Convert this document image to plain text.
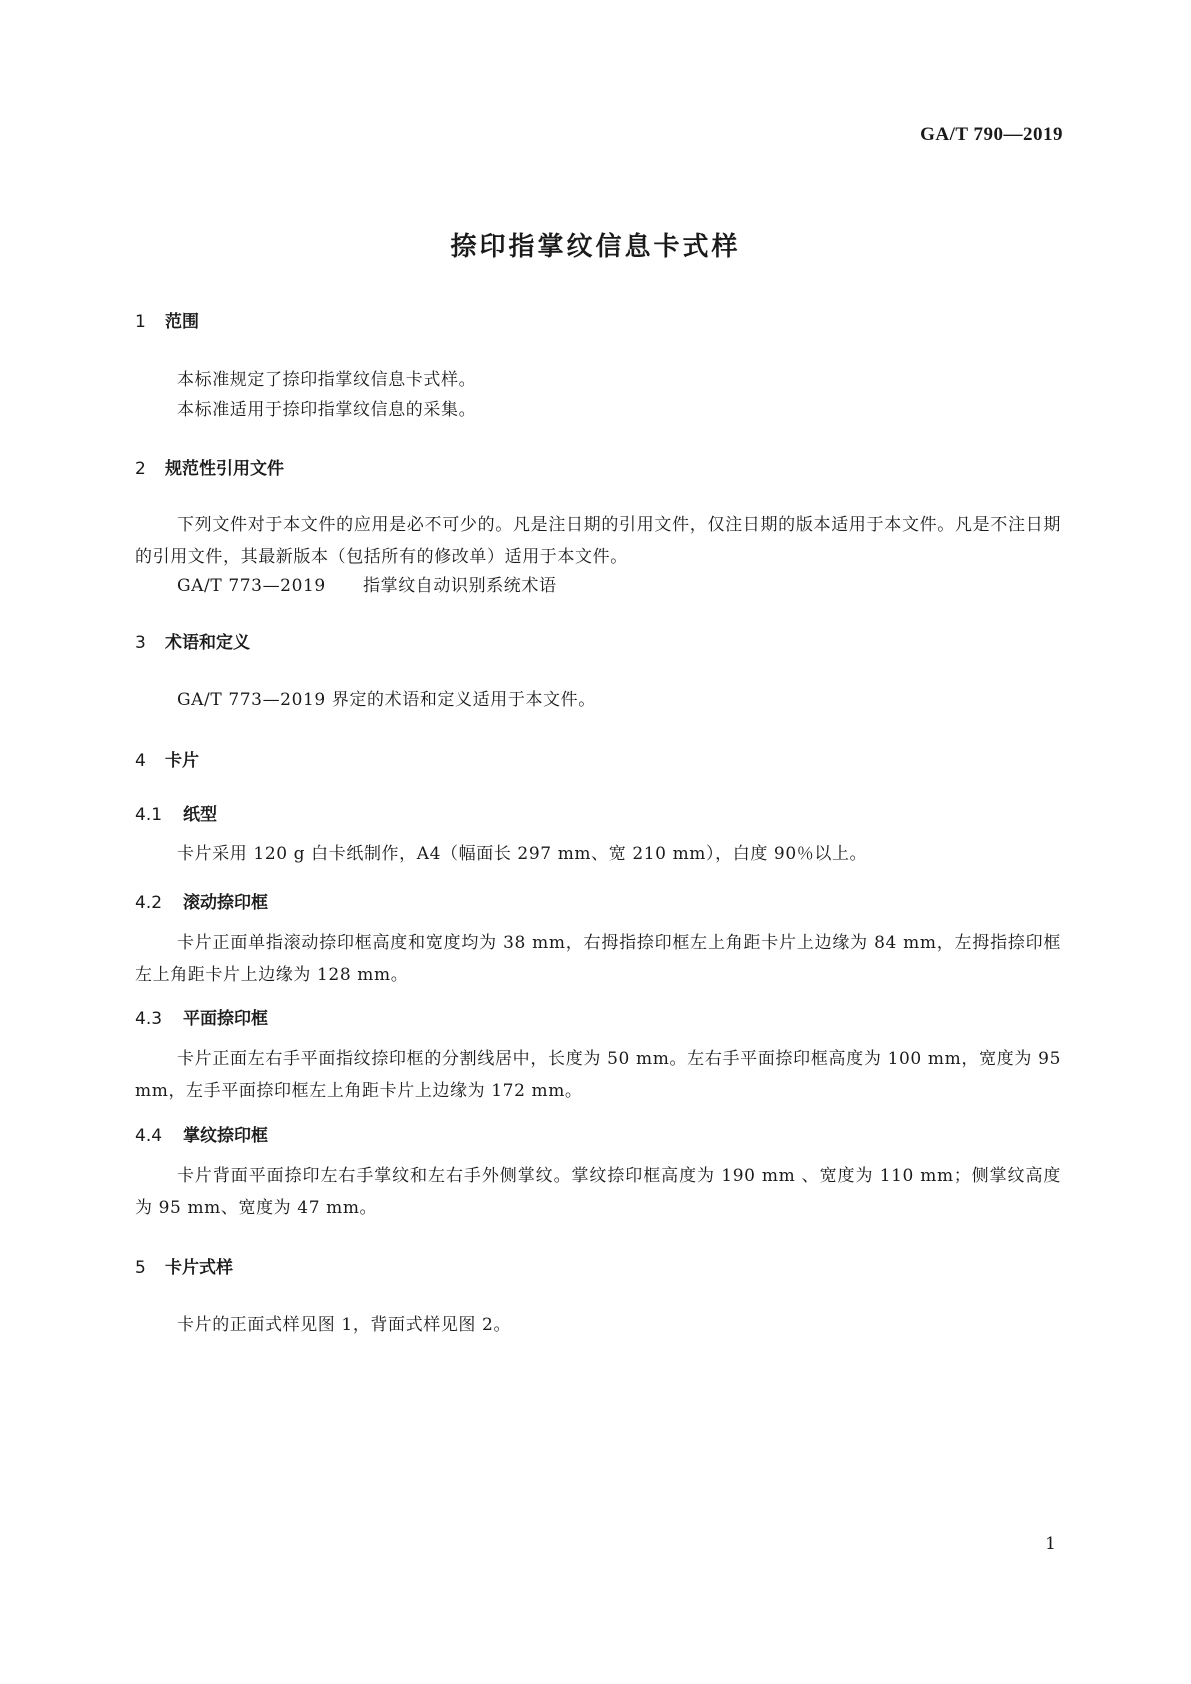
GA/T 790—2019
捺印指掌纹信息卡式样
1 范围
本标准规定了捺印指掌纹信息卡式样。
本标准适用于捺印指掌纹信息的采集。
2 规范性引用文件
下列文件对于本文件的应用是必不可少的。凡是注日期的引用文件，仅注日期的版本适用于本文件。凡是不注日期的引用文件，其最新版本（包括所有的修改单）适用于本文件。
GA/T 773—2019 指掌纹自动识别系统术语
3 术语和定义
GA/T 773—2019 界定的术语和定义适用于本文件。
4 卡片
4.1 纸型
卡片采用 120 g 白卡纸制作，A4（幅面长 297 mm、宽 210 mm），白度 90％以上。
4.2 滚动捺印框
卡片正面单指滚动捺印框高度和宽度均为 38 mm，右拇指捺印框左上角距卡片上边缘为 84 mm，左拇指捺印框左上角距卡片上边缘为 128 mm。
4.3 平面捺印框
卡片正面左右手平面指纹捺印框的分割线居中，长度为 50 mm。左右手平面捺印框高度为 100 mm，宽度为 95 mm，左手平面捺印框左上角距卡片上边缘为 172 mm。
4.4 掌纹捺印框
卡片背面平面捺印左右手掌纹和左右手外侧掌纹。掌纹捺印框高度为 190 mm 、宽度为 110 mm；侧掌纹高度为 95 mm、宽度为 47 mm。
5 卡片式样
卡片的正面式样见图 1，背面式样见图 2。
1
